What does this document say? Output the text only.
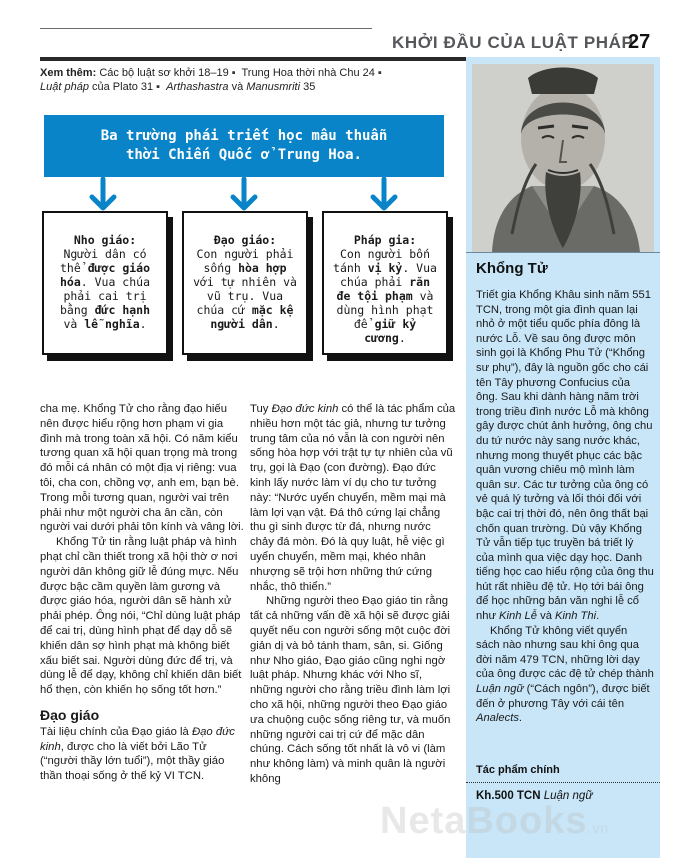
KHỞI ĐẦU CỦA LUẬT PHÁP
27
Xem thêm: Các bộ luật sơ khởi 18–19 ▪ Trung Hoa thời nhà Chu 24 ▪
Luật pháp của Plato 31 ▪ Arthashastra và Manusmriti 35
Ba trường phái triết học mâu thuẫn
thời Chiến Quốc ở Trung Hoa.
Nho giáo:
Người dân có thể được giáo hóa. Vua chúa phải cai trị bằng đức hạnh và lễ nghĩa.
Đạo giáo:
Con người phải sống hòa hợp với tự nhiên và vũ trụ. Vua chúa cứ mặc kệ người dân.
Pháp gia:
Con người bốn tánh vị kỷ. Vua chúa phải răn đe tội phạm và dùng hình phạt để giữ kỷ cương.

cha mẹ. Khổng Tử cho rằng đạo hiếu nên được hiểu rộng hơn phạm vi gia đình mà trong toàn xã hội. Có năm kiểu tương quan xã hội quan trọng mà trong đó mỗi cá nhân có một địa vị riêng: vua tôi, cha con, chồng vợ, anh em, bạn bè. Trong mỗi tương quan, người vai trên phải như một người cha ân cần, còn người vai dưới phải tôn kính và vâng lời.

Khổng Tử tin rằng luật pháp và hình phạt chỉ cần thiết trong xã hội thờ ơ nơi người dân không giữ lễ đúng mực. Nếu được bậc cầm quyền làm gương và được giáo hóa, người dân sẽ hành xử phải phép. Ông nói, “Chỉ dùng luật pháp để cai trị, dùng hình phạt để dạy dỗ sẽ khiến dân sợ hình phạt mà không biết xấu biết sai. Người dùng đức để trị, và dùng lễ để dạy, không chỉ khiến dân biết hổ thẹn, còn khiến họ sống tốt hơn.”

Đạo giáo

Tài liệu chính của Đạo giáo là Đạo đức kinh, được cho là viết bởi Lão Tử (“người thầy lớn tuổi”), một thầy giáo thần thoại sống ở thế kỷ VI TCN.

Tuy Đạo đức kinh có thể là tác phẩm của nhiều hơn một tác giả, nhưng tư tưởng trung tâm của nó vẫn là con người nên sống hòa hợp với trật tự tự nhiên của vũ trụ, gọi là Đạo (con đường). Đạo đức kinh lấy nước làm ví dụ cho tư tưởng này: “Nước uyển chuyển, mềm mại mà làm lợi vạn vật. Đá thô cứng lại chẳng thu gì sinh được từ đá, nhưng nước chảy đá mòn. Đó là quy luật, hễ việc gì uyển chuyển, mềm mại, khéo nhân nhượng sẽ trội hơn những thứ cứng nhắc, thô thiển.”

Những người theo Đạo giáo tin rằng tất cả những vấn đề xã hội sẽ được giải quyết nếu con người sống một cuộc đời giản dị và bỏ tánh tham, sân, si. Giống như Nho giáo, Đạo giáo cũng nghi ngờ luật pháp. Nhưng khác với Nho sĩ, những người cho rằng triều đình làm lợi cho xã hội, những người theo Đạo giáo ưa chuộng cuộc sống riêng tư, và muốn những người cai trị cứ để mặc dân chúng. Cách sống tốt nhất là vô vi (làm như không làm) và minh quân là người không

Khổng Tử

Triết gia Khổng Khâu sinh năm 551 TCN, trong một gia đình quan lại nhỏ ở một tiểu quốc phía đông là nước Lỗ. Về sau ông được môn sinh gọi là Khổng Phu Tử (“Khổng sư phụ”), đây là nguồn gốc cho cái tên Tây phương Confucius của ông. Sau khi dành hàng năm trời trong triều đình nước Lỗ mà không gây được chút ảnh hưởng, ông chu du tứ nước này sang nước khác, nhưng mong thuyết phục các bậc quân vương chiêu mộ mình làm quân sư. Các tư tưởng của ông có vẻ quá lý tưởng và lối thói đối với bậc cai trị thời đó, nên ông thất bại chốn quan trường. Dù vậy Khổng Tử vẫn tiếp tục truyền bá triết lý của mình qua việc dạy học. Danh tiếng học cao hiểu rộng của ông thu hút rất nhiều đệ tử. Họ tới bái ông để học những bản văn nghi lễ cổ như Kinh Lễ và Kinh Thi.

Khổng Tử không viết quyển sách nào nhưng sau khi ông qua đời năm 479 TCN, những lời dạy của ông được các đệ tử chép thành Luận ngữ (“Cách ngôn”), được biết đến ở phương Tây với cái tên Analects.

Tác phẩm chính
Kh.500 TCN Luận ngữ
NetaBooks.vn
